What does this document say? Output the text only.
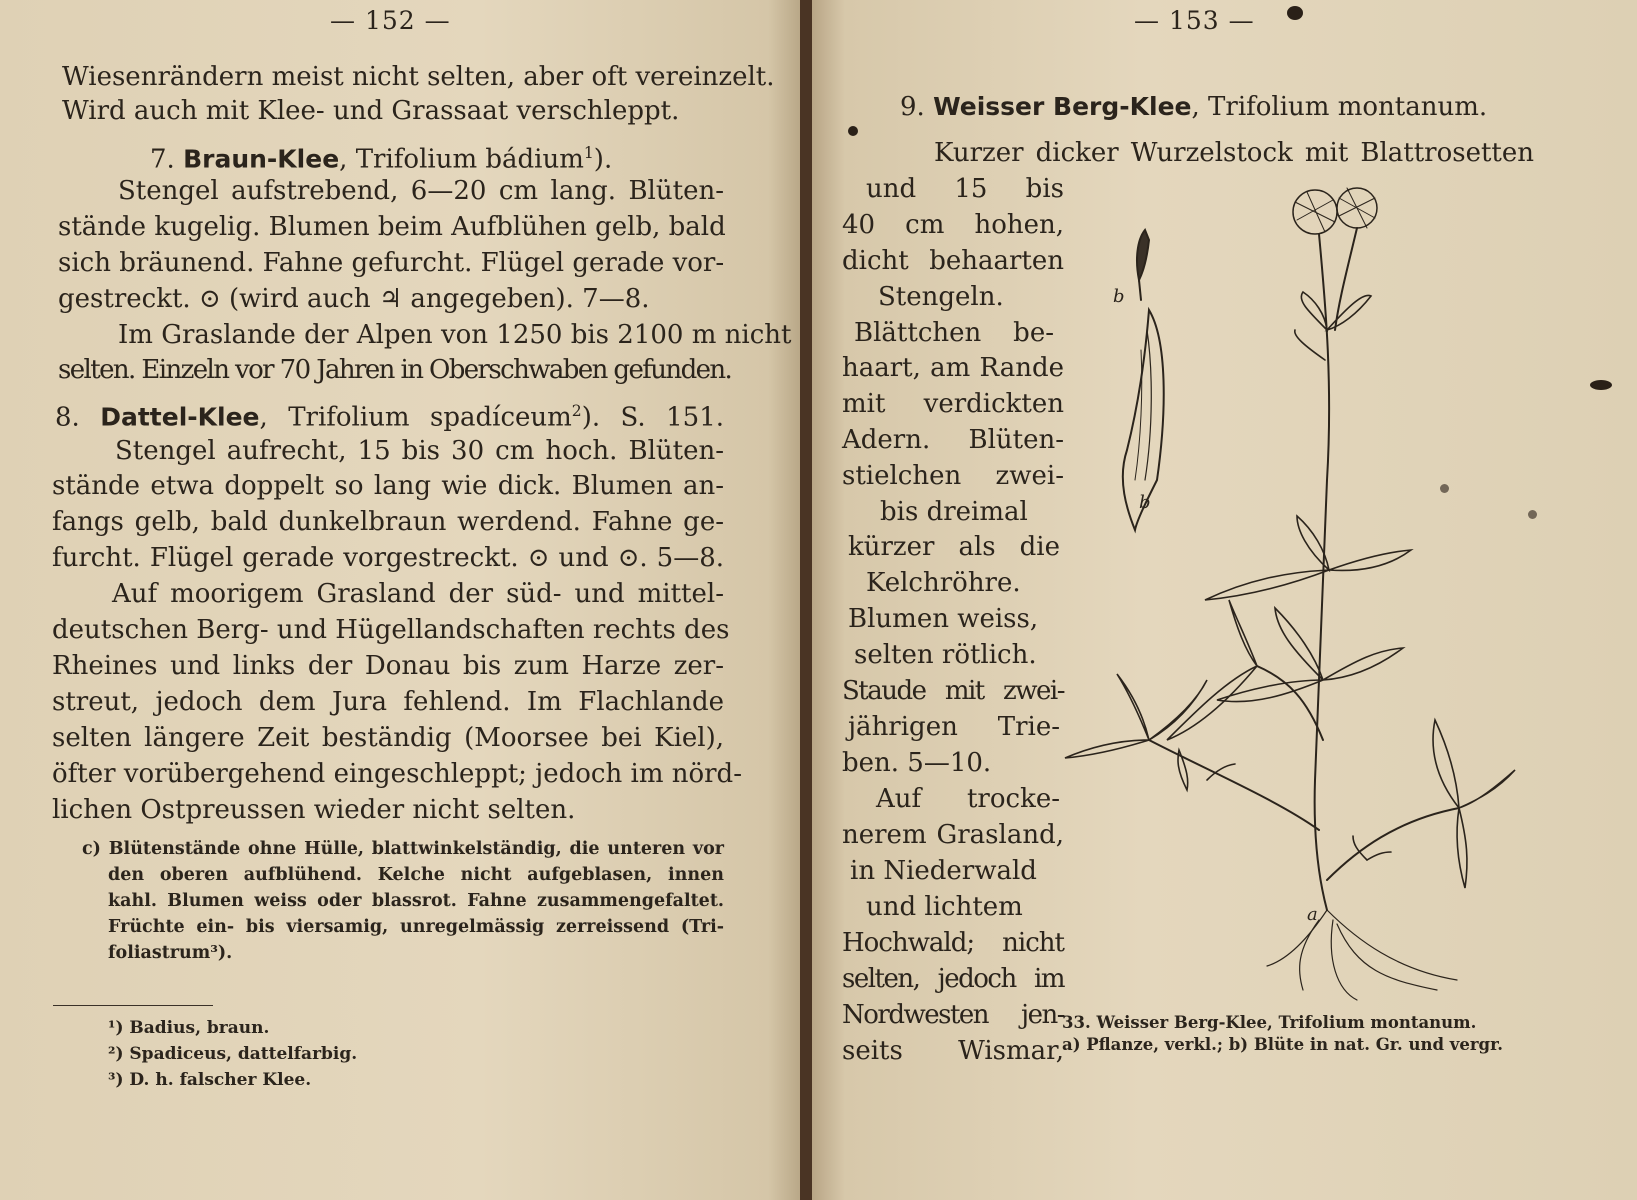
— 152 —
Wiesenrändern meist nicht selten, aber oft vereinzelt.
Wird auch mit Klee- und Grassaat verschleppt.
7. Braun-Klee, Trifolium bádium$^1$).
Stengel aufstrebend, 6—20 cm lang. Blüten-
stände kugelig. Blumen beim Aufblühen gelb, bald
sich bräunend. Fahne gefurcht. Flügel gerade vor-
gestreckt. ⊙ (wird auch ♃ angegeben). 7—8.
Im Graslande der Alpen von 1250 bis 2100 m nicht
selten. Einzeln vor 70 Jahren in Oberschwaben gefunden.
8. Dattel-Klee, Trifolium spadíceum$^2$). S. 151.
Stengel aufrecht, 15 bis 30 cm hoch. Blüten-
stände etwa doppelt so lang wie dick. Blumen an-
fangs gelb, bald dunkelbraun werdend. Fahne ge-
furcht. Flügel gerade vorgestreckt. ⊙ und ⊙. 5—8.
Auf moorigem Grasland der süd- und mittel-
deutschen Berg- und Hügellandschaften rechts des
Rheines und links der Donau bis zum Harze zer-
streut, jedoch dem Jura fehlend. Im Flachlande
selten längere Zeit beständig (Moorsee bei Kiel),
öfter vorübergehend eingeschleppt; jedoch im nörd-
lichen Ostpreussen wieder nicht selten.
c) Blütenstände ohne Hülle, blattwinkelständig, die unteren vor
den oberen aufblühend. Kelche nicht aufgeblasen, innen
kahl. Blumen weiss oder blassrot. Fahne zusammengefaltet.
Früchte ein- bis viersamig, unregelmässig zerreissend (Tri-
foliastrum³).
¹) Badius, braun.
²) Spadiceus, dattelfarbig.
³) D. h. falscher Klee.
— 153 —
9. Weisser Berg-Klee, Trifolium montanum.
Kurzer dicker Wurzelstock mit Blattrosetten
und 15 bis
40 cm hohen,
dicht behaarten
Stengeln.
Blättchen be-
haart, am Rande
mit verdickten
Adern. Blüten-
stielchen zwei-
bis dreimal
kürzer als die
Kelchröhre.
Blumen weiss,
selten rötlich.
Staude mit zwei-
jährigen Trie-
ben. 5—10.
Auf trocke-
nerem Grasland,
in Niederwald
und lichtem
Hochwald; nicht
selten, jedoch im
Nordwesten jen-
seits Wismar,
b
b
a
33. Weisser Berg-Klee, Trifolium montanum.
a) Pflanze, verkl.; b) Blüte in nat. Gr. und vergr.
